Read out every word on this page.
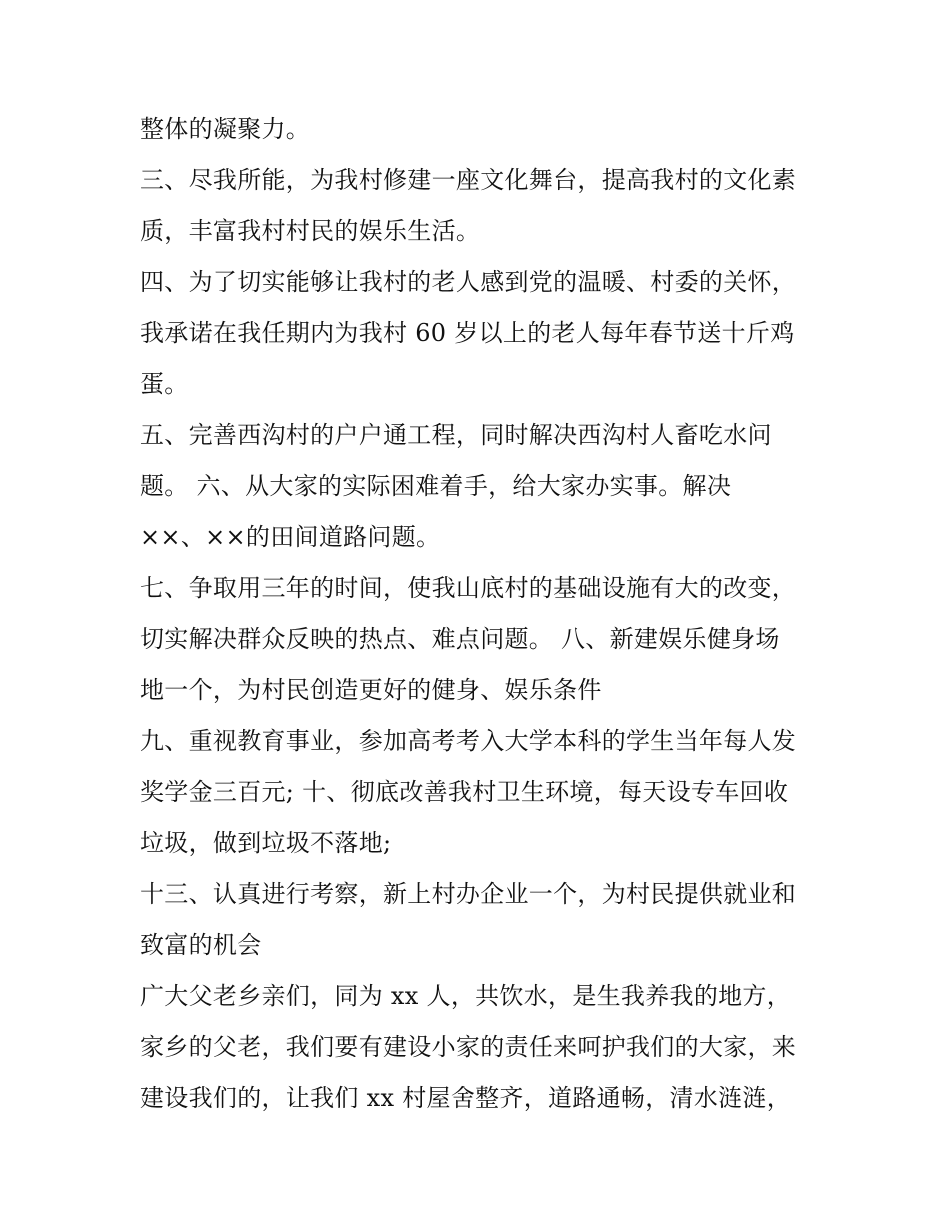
整体的凝聚力。
三、尽我所能，为我村修建一座文化舞台，提高我村的文化素
质，丰富我村村民的娱乐生活。
四、为了切实能够让我村的老人感到党的温暖、村委的关怀，
我承诺在我任期内为我村 60 岁以上的老人每年春节送十斤鸡
蛋。
五、完善西沟村的户户通工程，同时解决西沟村人畜吃水问
题。 六、从大家的实际困难着手，给大家办实事。解决
××、××的田间道路问题。
七、争取用三年的时间，使我山底村的基础设施有大的改变，
切实解决群众反映的热点、难点问题。 八、新建娱乐健身场
地一个，为村民创造更好的健身、娱乐条件
九、重视教育事业，参加高考考入大学本科的学生当年每人发
奖学金三百元; 十、彻底改善我村卫生环境，每天设专车回收
垃圾，做到垃圾不落地;
十三、认真进行考察，新上村办企业一个，为村民提供就业和
致富的机会
广大父老乡亲们，同为 xx 人，共饮水，是生我养我的地方，
家乡的父老，我们要有建设小家的责任来呵护我们的大家，来
建设我们的，让我们 xx 村屋舍整齐，道路通畅，清水涟涟，
